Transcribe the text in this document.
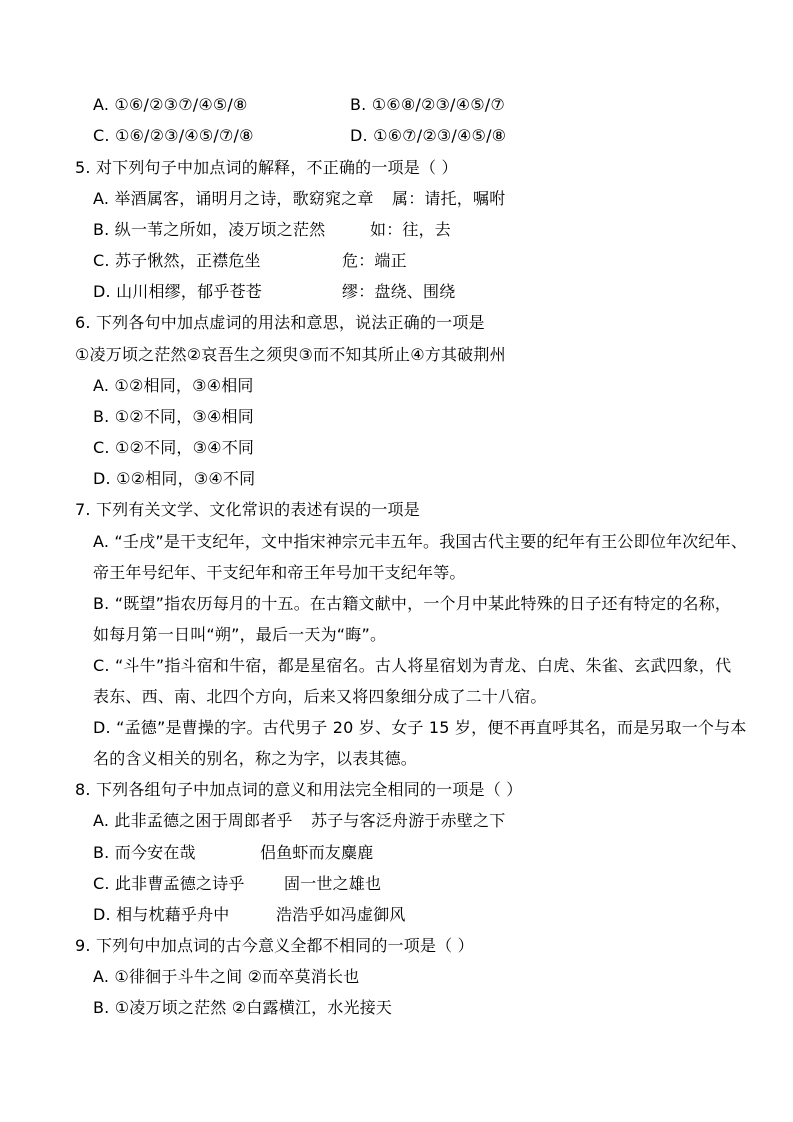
A. ①⑥/②③⑦/④⑤/⑧	B. ①⑥⑧/②③/④⑤/⑦
C. ①⑥/②③/④⑤/⑦/⑧	D. ①⑥⑦/②③/④⑤/⑧
5. 对下列句子中加点词的解释，不正确的一项是（ ）
A. 举酒属客，诵明月之诗，歌窈窕之章 属：请托，嘱咐
B. 纵一苇之所如，凌万顷之茫然	如：往，去
C. 苏子愀然，正襟危坐	危：端正
D. 山川相缪，郁乎苍苍	缪：盘绕、围绕
6. 下列各句中加点虚词的用法和意思，说法正确的一项是
①凌万顷之茫然②哀吾生之须臾③而不知其所止④方其破荆州
A. ①②相同，③④相同
B. ①②不同，③④相同
C. ①②不同，③④不同
D. ①②相同，③④不同
7. 下列有关文学、文化常识的表述有误的一项是
A. “壬戌”是干支纪年，文中指宋神宗元丰五年。我国古代主要的纪年有王公即位年次纪年、
帝王年号纪年、干支纪年和帝王年号加干支纪年等。
B. “既望”指农历每月的十五。在古籍文献中，一个月中某此特殊的日子还有特定的名称，
如每月第一日叫“朔”，最后一天为“晦”。
C. “斗牛”指斗宿和牛宿，都是星宿名。古人将星宿划为青龙、白虎、朱雀、玄武四象，代
表东、西、南、北四个方向，后来又将四象细分成了二十八宿。
D. “孟德”是曹操的字。古代男子 20 岁、女子 15 岁，便不再直呼其名，而是另取一个与本
名的含义相关的别名，称之为字，以表其德。
8. 下列各组句子中加点词的意义和用法完全相同的一项是（ ）
A. 此非孟德之困于周郎者乎 苏子与客泛舟游于赤壁之下
B. 而今安在哉	侣鱼虾而友麋鹿
C. 此非曹孟德之诗乎 固一世之雄也
D. 相与枕藉乎舟中	浩浩乎如冯虚御风
9. 下列句中加点词的古今意义全都不相同的一项是（ ）
A. ①徘徊于斗牛之间 ②而卒莫消长也
B. ①凌万顷之茫然 ②白露横江，水光接天
